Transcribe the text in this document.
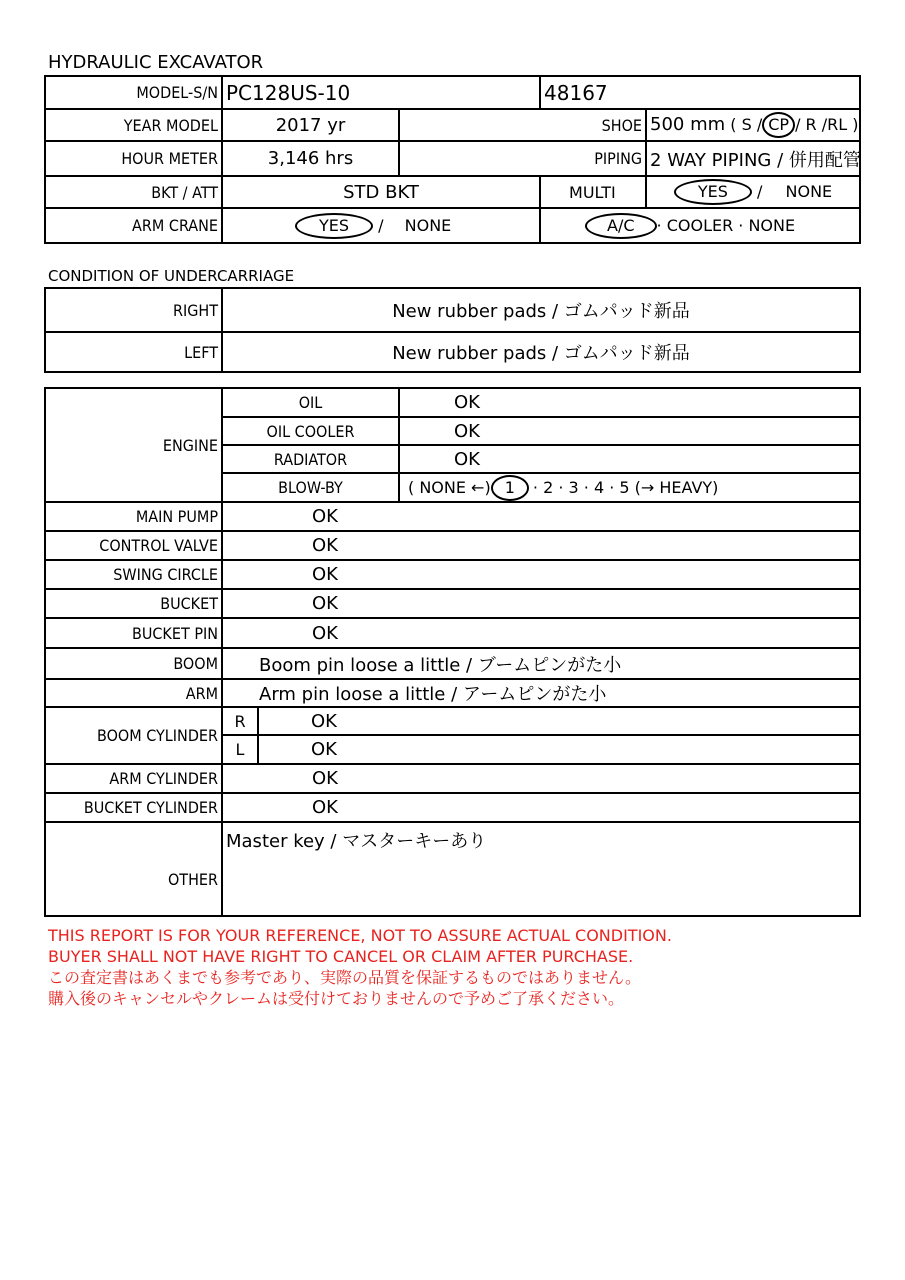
HYDRAULIC EXCAVATOR
MODEL-S/N	PC128US-10		48167	
YEAR MODEL	2017 yr	SHOE		500 mm ( S / CP / R /RL )
HOUR METER	3,146 hrs	PIPING		2 WAY PIPING / 併用配管
BKT / ATT	STD BKT		MULTI	YES / NONE
ARM CRANE	YES / NONE		A/C · COOLER · NONE	
CONDITION OF UNDERCARRIAGE
RIGHT	New rubber pads / ゴムパッド新品
LEFT	New rubber pads / ゴムパッド新品
ENGINE	OIL		OK
	OIL COOLER		OK
	RADIATOR		OK
	BLOW-BY		( NONE ←) 1 · 2 · 3 · 4 · 5 (→ HEAVY)
MAIN PUMP	OK		
CONTROL VALVE	OK		
SWING CIRCLE	OK		
BUCKET	OK		
BUCKET PIN	OK		
BOOM	Boom pin loose a little / ブームピンがた小		
ARM	Arm pin loose a little / アームピンがた小		
BOOM CYLINDER	R	OK	
	L	OK	
ARM CYLINDER	OK		
BUCKET CYLINDER	OK		
OTHER	Master key / マスターキーあり		
THIS REPORT IS FOR YOUR REFERENCE, NOT TO ASSURE ACTUAL CONDITION.
BUYER SHALL NOT HAVE RIGHT TO CANCEL OR CLAIM AFTER PURCHASE.
この査定書はあくまでも参考であり、実際の品質を保証するものではありません。
購入後のキャンセルやクレームは受付けておりませんので予めご了承ください。
